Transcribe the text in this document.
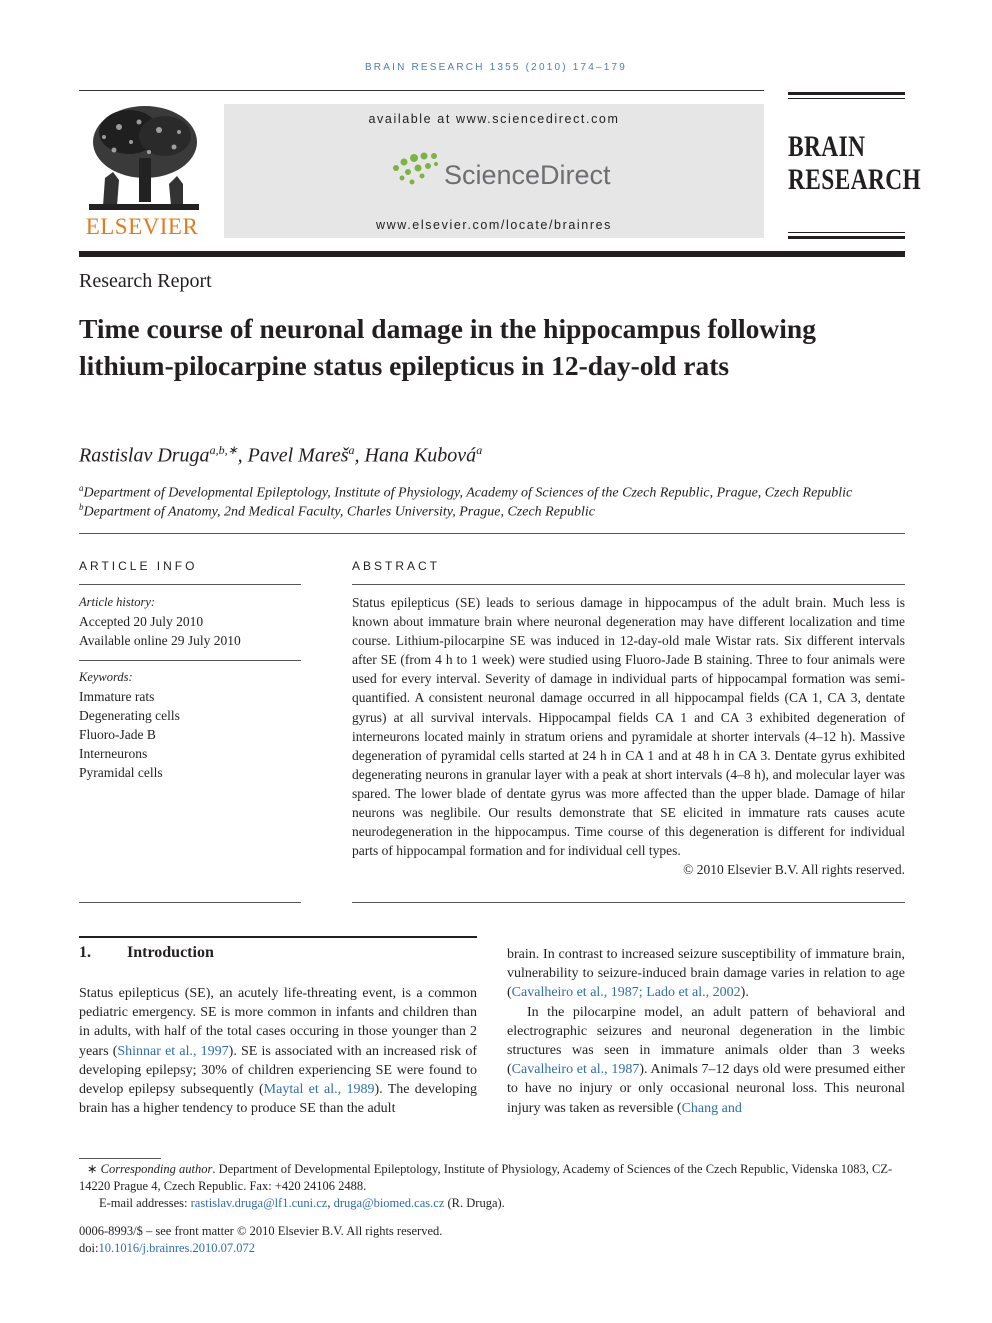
BRAIN RESEARCH 1355 (2010) 174–179
ELSEVIER
available at www.sciencedirect.com
ScienceDirect
www.elsevier.com/locate/brainres
BRAIN
RESEARCH
Research Report
Time course of neuronal damage in the hippocampus following lithium-pilocarpine status epilepticus in 12-day-old rats
Rastislav Druga$^{a,b,∗}$, Pavel Mareš$^a$, Hana Kubová$^a$
$^a$Department of Developmental Epileptology, Institute of Physiology, Academy of Sciences of the Czech Republic, Prague, Czech Republic
$^b$Department of Anatomy, 2nd Medical Faculty, Charles University, Prague, Czech Republic
ARTICLE INFO
Article history:
Accepted 20 July 2010
Available online 29 July 2010
Keywords:
Immature rats
Degenerating cells
Fluoro-Jade B
Interneurons
Pyramidal cells
ABSTRACT
Status epilepticus (SE) leads to serious damage in hippocampus of the adult brain. Much less is known about immature brain where neuronal degeneration may have different localization and time course. Lithium-pilocarpine SE was induced in 12-day-old male Wistar rats. Six different intervals after SE (from 4 h to 1 week) were studied using Fluoro-Jade B staining. Three to four animals were used for every interval. Severity of damage in individual parts of hippocampal formation was semi-quantified. A consistent neuronal damage occurred in all hippocampal fields (CA 1, CA 3, dentate gyrus) at all survival intervals. Hippocampal fields CA 1 and CA 3 exhibited degeneration of interneurons located mainly in stratum oriens and pyramidale at shorter intervals (4–12 h). Massive degeneration of pyramidal cells started at 24 h in CA 1 and at 48 h in CA 3. Dentate gyrus exhibited degenerating neurons in granular layer with a peak at short intervals (4–8 h), and molecular layer was spared. The lower blade of dentate gyrus was more affected than the upper blade. Damage of hilar neurons was neglibile. Our results demonstrate that SE elicited in immature rats causes acute neurodegeneration in the hippocampus. Time course of this degeneration is different for individual parts of hippocampal formation and for individual cell types.
© 2010 Elsevier B.V. All rights reserved.
1. Introduction
Status epilepticus (SE), an acutely life-threating event, is a common pediatric emergency. SE is more common in infants and children than in adults, with half of the total cases occuring in those younger than 2 years (Shinnar et al., 1997). SE is associated with an increased risk of developing epilepsy; 30% of children experiencing SE were found to develop epilepsy subsequently (Maytal et al., 1989). The developing brain has a higher tendency to produce SE than the adult
brain. In contrast to increased seizure susceptibility of immature brain, vulnerability to seizure-induced brain damage varies in relation to age (Cavalheiro et al., 1987; Lado et al., 2002).
In the pilocarpine model, an adult pattern of behavioral and electrographic seizures and neuronal degeneration in the limbic structures was seen in immature animals older than 3 weeks (Cavalheiro et al., 1987). Animals 7–12 days old were presumed either to have no injury or only occasional neuronal loss. This neuronal injury was taken as reversible (Chang and
∗ Corresponding author. Department of Developmental Epileptology, Institute of Physiology, Academy of Sciences of the Czech Republic, Videnska 1083, CZ-14220 Prague 4, Czech Republic. Fax: +420 24106 2488.
E-mail addresses: rastislav.druga@lf1.cuni.cz, druga@biomed.cas.cz (R. Druga).
0006-8993/$ – see front matter © 2010 Elsevier B.V. All rights reserved.
doi:10.1016/j.brainres.2010.07.072
